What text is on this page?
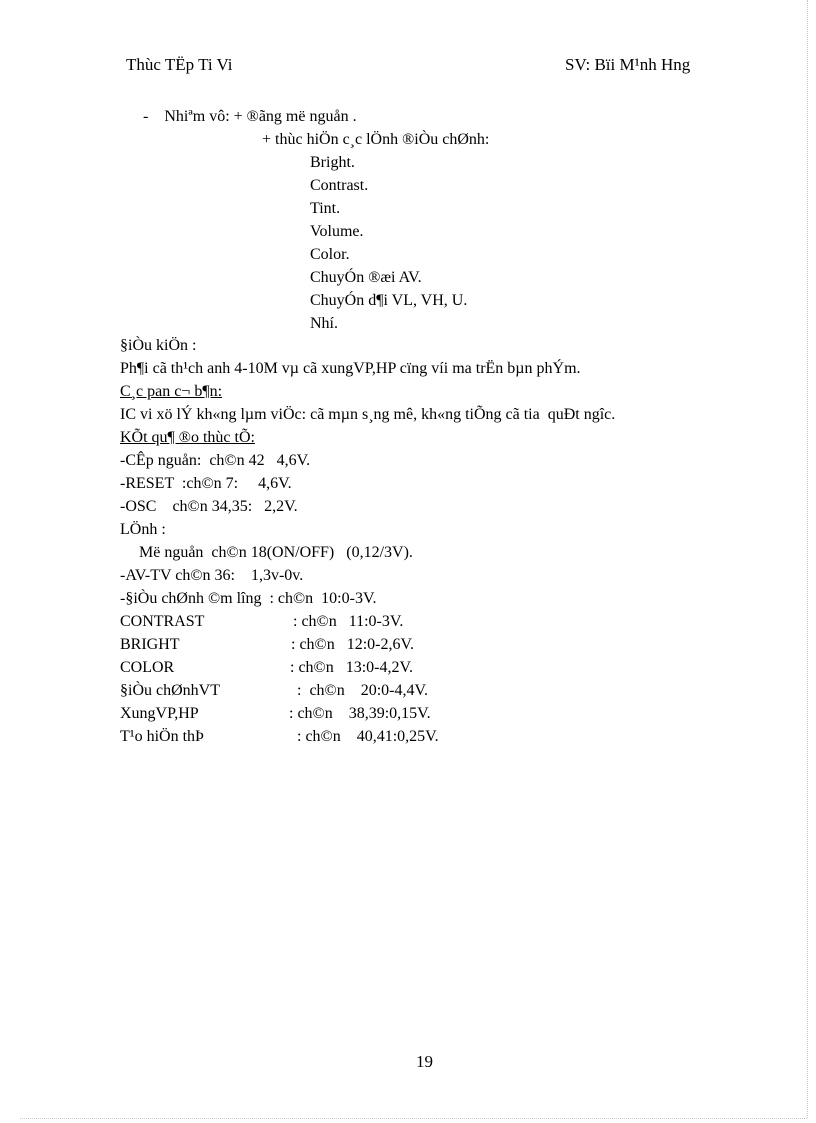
Thùc TËp Ti Vi	SV: Bïi M¹nh Hng
-    Nhiªm vô: + ®ãng më nguån .
+ thùc hiÖn c¸c lÖnh ®iÒu chØnh:
Bright.
Contrast.
Tint.
Volume.
Color.
ChuyÓn ®æi AV.
ChuyÓn d¶i VL, VH, U.
Nhí.
§iÒu kiÖn :
Ph¶i cã th¹ch anh 4-10M vµ cã xungVP,HP cïng víi ma trËn bµn phÝm.
C¸c pan c¬ b¶n:
IC vi xö lÝ kh«ng lµm viÖc: cã mµn s¸ng mê, kh«ng tiÕng cã tia  quÐt ngîc.
KÕt qu¶ ®o thùc tÕ:
-CÊp nguån:  ch©n 42   4,6V.
-RESET  :ch©n 7:     4,6V.
-OSC    ch©n 34,35:   2,2V.
LÖnh :
Më nguån  ch©n 18(ON/OFF)   (0,12/3V).
-AV-TV ch©n 36:    1,3v-0v.
-§iÒu chØnh ©m lîng  : ch©n  10:0-3V.
CONTRAST	: ch©n   11:0-3V.
BRIGHT	: ch©n   12:0-2,6V.
COLOR	: ch©n   13:0-4,2V.
§iÒu chØnhVT	:  ch©n    20:0-4,4V.
XungVP,HP	: ch©n    38,39:0,15V.
T¹o hiÖn thÞ	: ch©n    40,41:0,25V.
19
